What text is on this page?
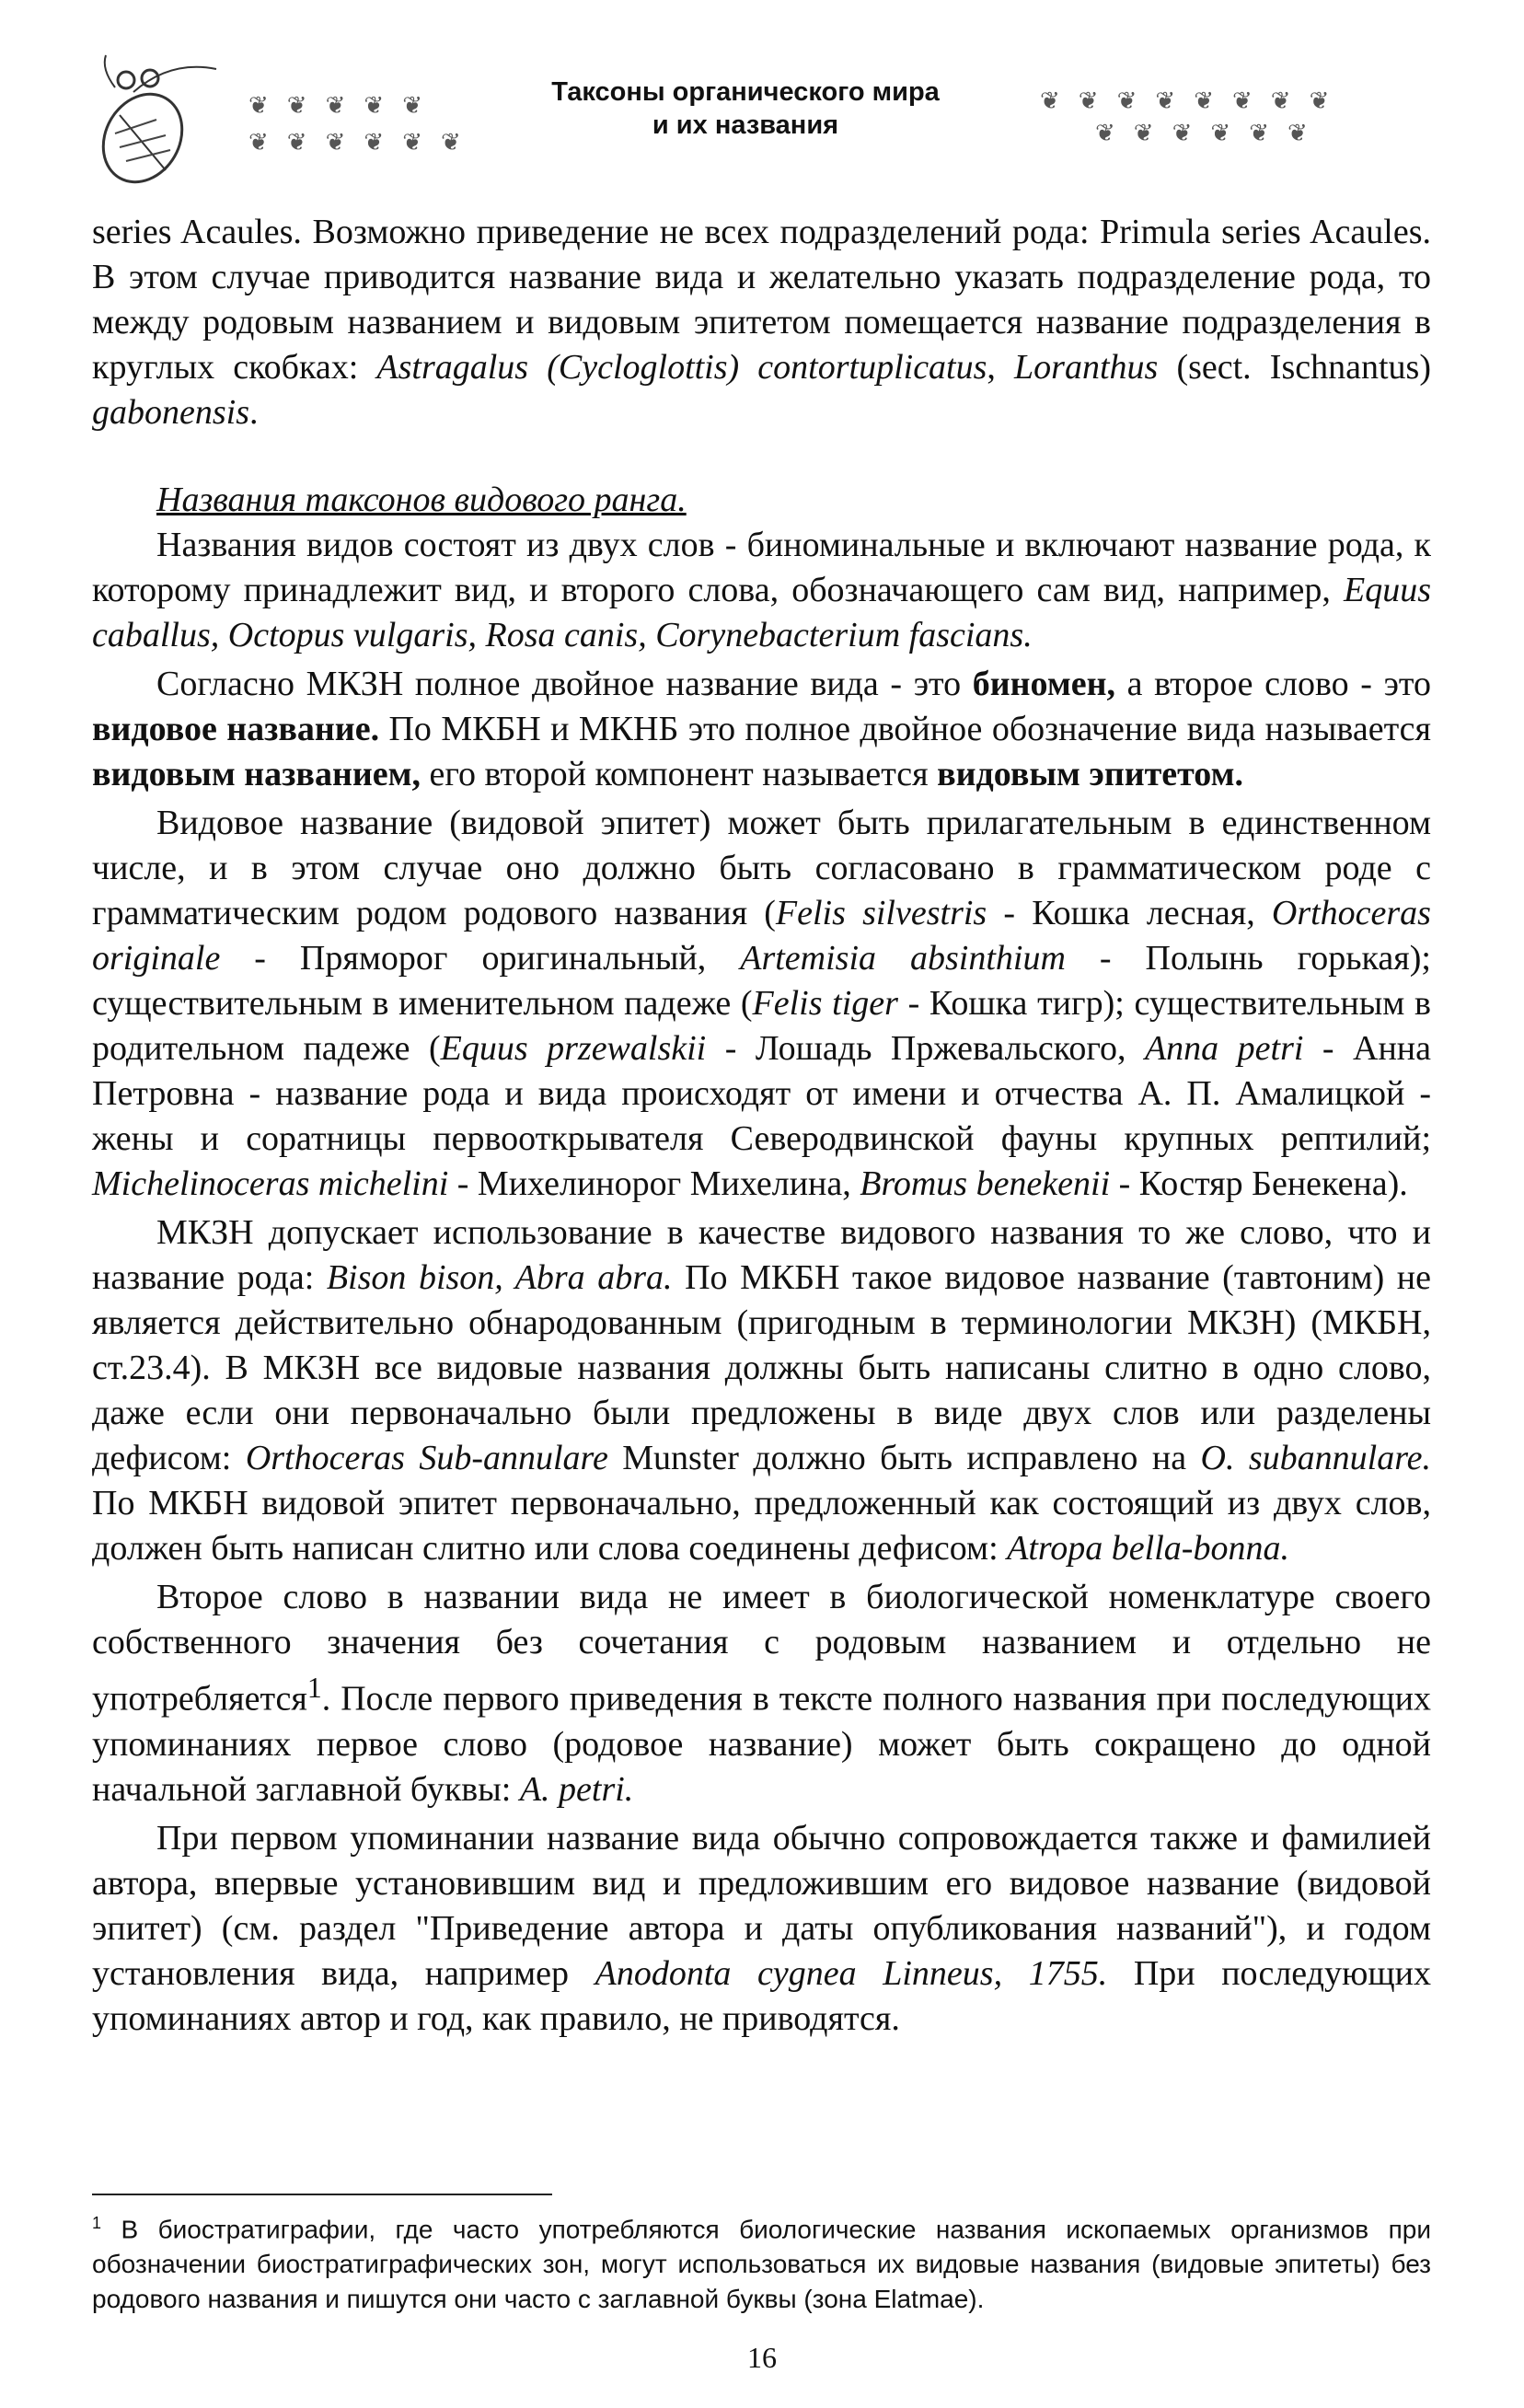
❦ ❦ ❦ ❦ ❦
❦ ❦ ❦ ❦ ❦ ❦
Таксоны органического мира
и их названия
❦ ❦ ❦ ❦ ❦ ❦ ❦ ❦
❦ ❦ ❦ ❦ ❦ ❦

series Acaules. Возможно приведение не всех подразделений рода: Primula series Acaules. В этом случае приводится название вида и желательно указать подразделение рода, то между родовым названием и видовым эпитетом помещается название подразделения в круглых скобках: Astragalus (Cycloglottis) contortuplicatus, Loranthus (sect. Ischnantus) gabonensis.

Названия таксонов видового ранга.

Названия видов состоят из двух слов - биноминальные и включают название рода, к которому принадлежит вид, и второго слова, обозначающего сам вид, например, Equus caballus, Octopus vulgaris, Rosa canis, Corynebacterium fascians.

Согласно МКЗН полное двойное название вида - это биномен, а второе слово - это видовое название. По МКБН и МКНБ это полное двойное обозначение вида называется видовым названием, его второй компонент называется видовым эпитетом.

Видовое название (видовой эпитет) может быть прилагательным в единственном числе, и в этом случае оно должно быть согласовано в грамматическом роде с грамматическим родом родового названия (Felis silvestris - Кошка лесная, Orthoceras originale - Пряморог оригинальный, Artemisia absinthium - Полынь горькая); существительным в именительном падеже (Felis tiger - Кошка тигр); существительным в родительном падеже (Equus przewalskii - Лошадь Пржевальского, Anna petri - Анна Петровна - название рода и вида происходят от имени и отчества А. П. Амалицкой - жены и соратницы первооткрывателя Северодвинской фауны крупных рептилий; Michelinoceras michelini - Михелинорог Михелина, Bromus benekenii - Костяр Бенекена).

МКЗН допускает использование в качестве видового названия то же слово, что и название рода: Bison bison, Abra abra. По МКБН такое видовое название (тавтоним) не является действительно обнародованным (пригодным в терминологии МКЗН) (МКБН, ст.23.4). В МКЗН все видовые названия должны быть написаны слитно в одно слово, даже если они первоначально были предложены в виде двух слов или разделены дефисом: Orthoceras Sub-annulare Munster должно быть исправлено на O. subannulare. По МКБН видовой эпитет первоначально, предложенный как состоящий из двух слов, должен быть написан слитно или слова соединены дефисом: Atropa bella-bonna.

Второе слово в названии вида не имеет в биологической номенклатуре своего собственного значения без сочетания с родовым названием и отдельно не употребляется$^1$. После первого приведения в тексте полного названия при последующих упоминаниях первое слово (родовое название) может быть сокращено до одной начальной заглавной буквы: A. petri.

При первом упоминании название вида обычно сопровождается также и фамилией автора, впервые установившим вид и предложившим его видовое название (видовой эпитет) (см. раздел "Приведение автора и даты опубликования названий"), и годом установления вида, например Anodonta cygnea Linneus, 1755. При последующих упоминаниях автор и год, как правило, не приводятся.

$^1$ В биостратиграфии, где часто употребляются биологические названия ископаемых организмов при обозначении биостратиграфических зон, могут использоваться их видовые названия (видовые эпитеты) без родового названия и пишутся они часто с заглавной буквы (зона Elatmae).
16
